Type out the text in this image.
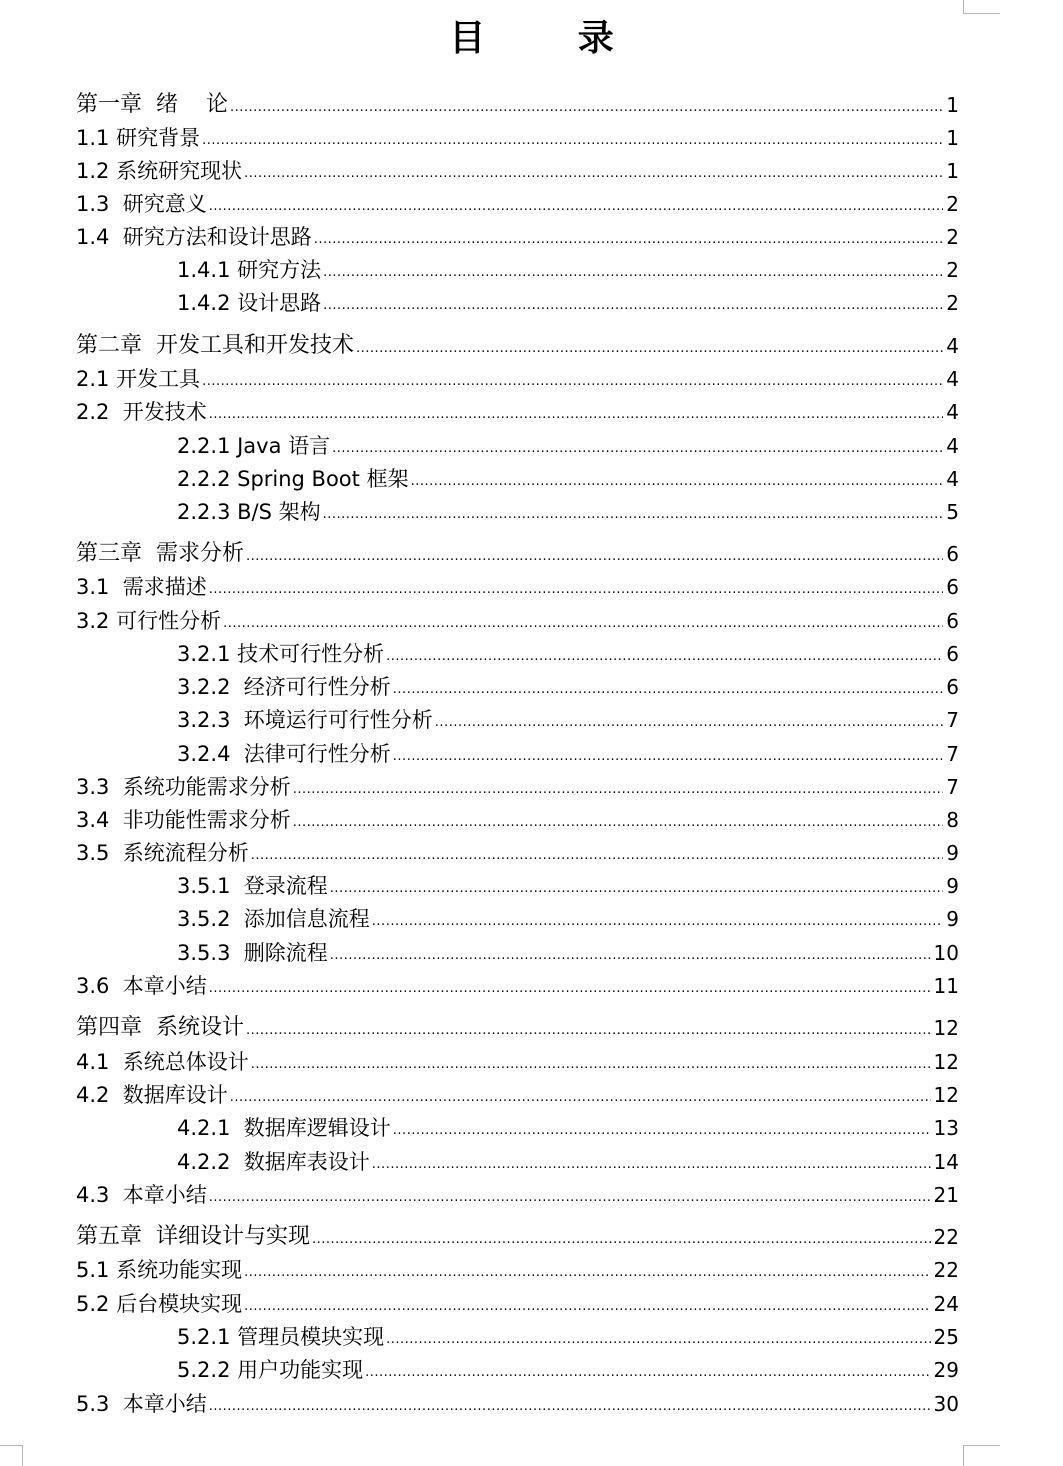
目 录
第一章  绪    论 .....	1
1.1 研究背景 .....	1
1.2 系统研究现状 .....	1
1.3  研究意义 .....	2
1.4  研究方法和设计思路 .....	2
1.4.1 研究方法 .....	2
1.4.2 设计思路 .....	2
第二章  开发工具和开发技术 .....	4
2.1 开发工具 .....	4
2.2  开发技术 .....	4
2.2.1 Java 语言 .....	4
2.2.2 Spring Boot 框架 .....	4
2.2.3 B/S 架构 .....	5
第三章  需求分析 .....	6
3.1  需求描述 .....	6
3.2 可行性分析 .....	6
3.2.1 技术可行性分析 .....	6
3.2.2  经济可行性分析 .....	6
3.2.3  环境运行可行性分析 .....	7
3.2.4  法律可行性分析 .....	7
3.3  系统功能需求分析 .....	7
3.4  非功能性需求分析 .....	8
3.5  系统流程分析 .....	9
3.5.1  登录流程 .....	9
3.5.2  添加信息流程 .....	9
3.5.3  删除流程 .....	10
3.6  本章小结 .....	11
第四章  系统设计 .....	12
4.1  系统总体设计 .....	12
4.2  数据库设计 .....	12
4.2.1  数据库逻辑设计 .....	13
4.2.2  数据库表设计 .....	14
4.3  本章小结 .....	21
第五章  详细设计与实现 .....	22
5.1 系统功能实现 .....	22
5.2 后台模块实现 .....	24
5.2.1 管理员模块实现 .....	25
5.2.2 用户功能实现 .....	29
5.3  本章小结 .....	30
